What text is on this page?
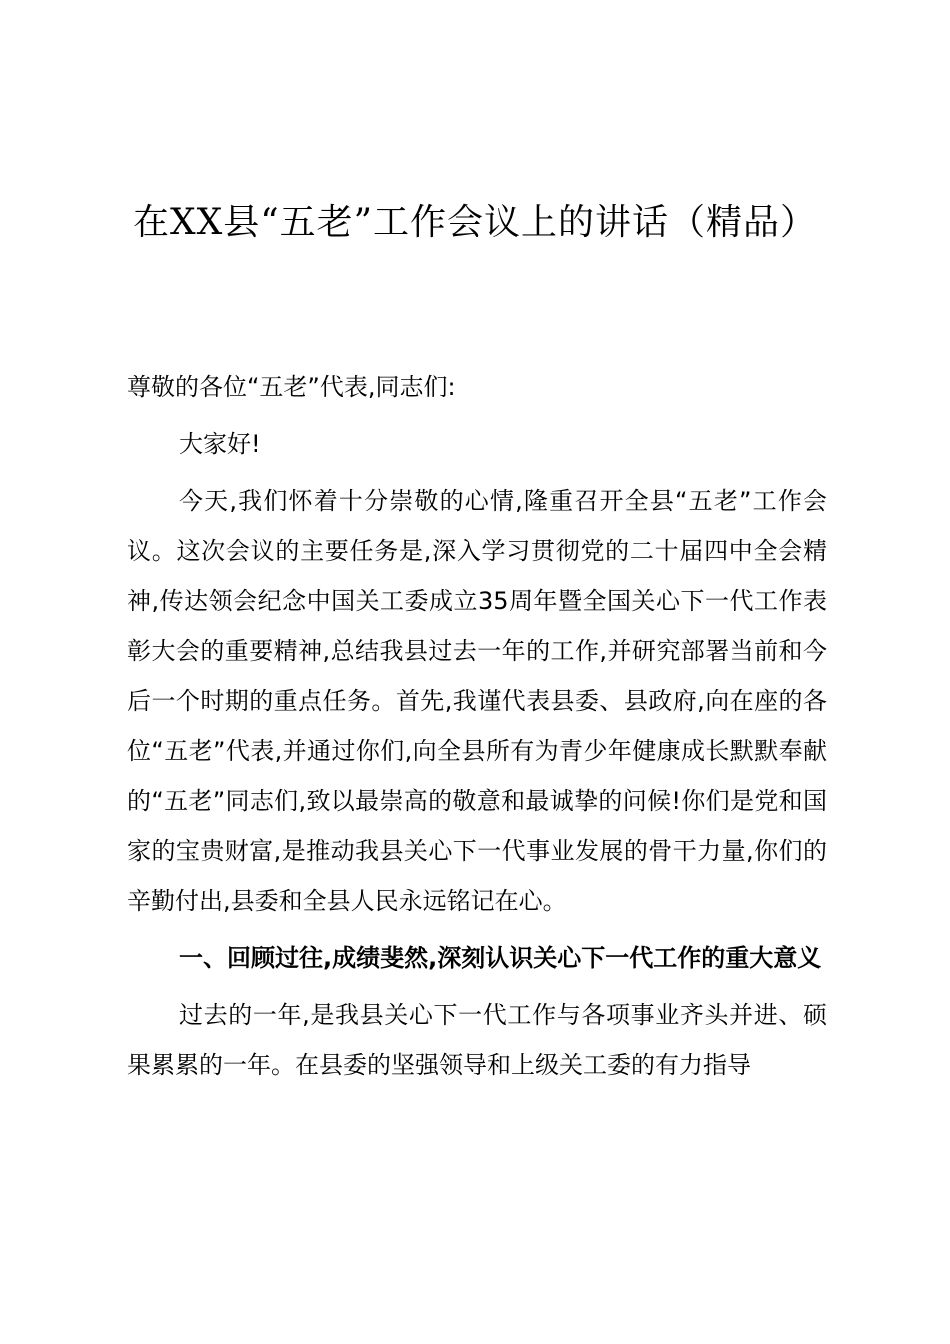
在XX县“五老”工作会议上的讲话（精品）

尊敬的各位“五老”代表,同志们:

大家好!

今天,我们怀着十分崇敬的心情,隆重召开全县“五老”工作会议。这次会议的主要任务是,深入学习贯彻党的二十届四中全会精神,传达领会纪念中国关工委成立35周年暨全国关心下一代工作表彰大会的重要精神,总结我县过去一年的工作,并研究部署当前和今后一个时期的重点任务。首先,我谨代表县委、县政府,向在座的各位“五老”代表,并通过你们,向全县所有为青少年健康成长默默奉献的“五老”同志们,致以最崇高的敬意和最诚挚的问候!你们是党和国家的宝贵财富,是推动我县关心下一代事业发展的骨干力量,你们的辛勤付出,县委和全县人民永远铭记在心。

一、回顾过往,成绩斐然,深刻认识关心下一代工作的重大意义

过去的一年,是我县关心下一代工作与各项事业齐头并进、硕果累累的一年。在县委的坚强领导和上级关工委的有力指导
